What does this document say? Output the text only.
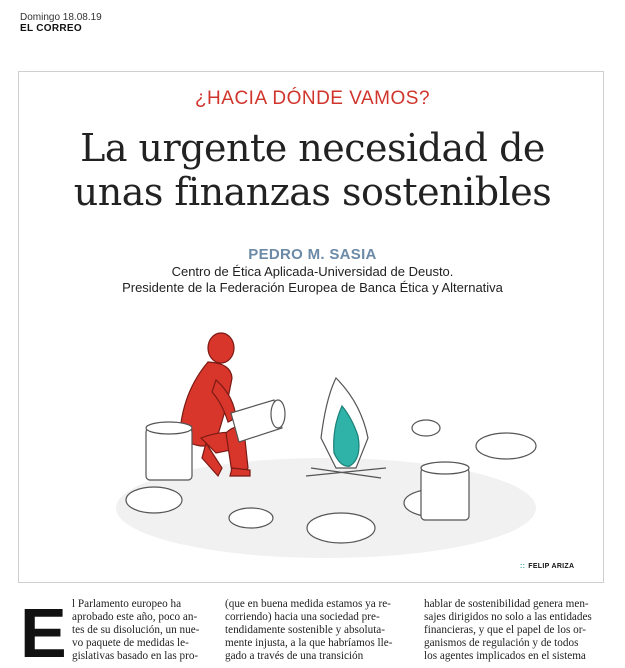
Domingo 18.08.19
EL CORREO
¿HACIA DÓNDE VAMOS?
La urgente necesidad de
unas finanzas sostenibles
PEDRO M. SASIA
Centro de Ética Aplicada-Universidad de Deusto.
Presidente de la Federación Europea de Banca Ética y Alternativa
:: FELIP ARIZA
E l Parlamento europeo ha

aprobado este año, poco an-

tes de su disolución, un nue-

vo paquete de medidas le-

gislativas basado en las pro-

(que en buena medida estamos ya re-

corriendo) hacia una sociedad pre-

tendidamente sostenible y absoluta-

mente injusta, a la que habríamos lle-

gado a través de una transición

hablar de sostenibilidad genera men-

sajes dirigidos no solo a las entidades

financieras, y que el papel de los or-

ganismos de regulación y de todos

los agentes implicados en el sistema
